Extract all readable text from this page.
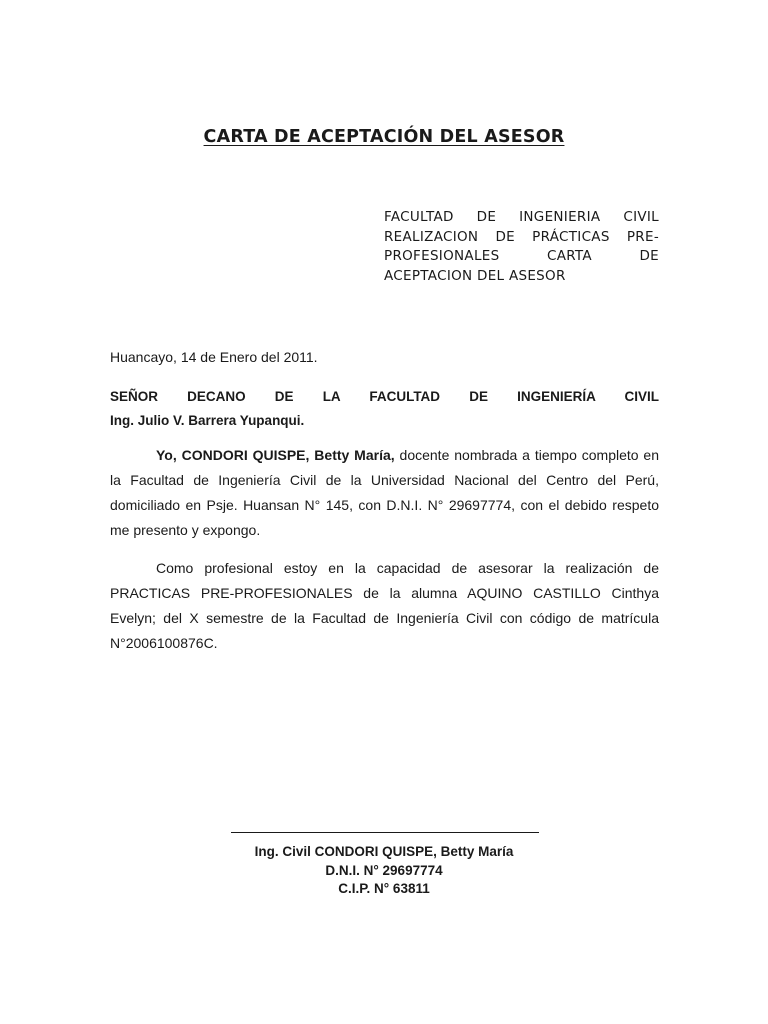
CARTA DE ACEPTACIÓN DEL ASESOR
FACULTAD DE INGENIERIA CIVIL
REALIZACION DE PRÁCTICAS PRE-
PROFESIONALES CARTA DE
ACEPTACION DEL ASESOR
Huancayo, 14 de Enero del 2011.
SEÑOR DECANO DE LA FACULTAD DE INGENIERÍA CIVIL
Ing. Julio V. Barrera Yupanqui.
Yo, CONDORI QUISPE, Betty María, docente nombrada a tiempo completo en la Facultad de Ingeniería Civil de la Universidad Nacional del Centro del Perú, domiciliado en Psje. Huansan N° 145, con D.N.I. N° 29697774, con el debido respeto me presento y expongo.
Como profesional estoy en la capacidad de asesorar la realización de PRACTICAS PRE-PROFESIONALES de la alumna AQUINO CASTILLO Cinthya Evelyn; del X semestre de la Facultad de Ingeniería Civil con código de matrícula N°2006100876C.
Ing. Civil CONDORI QUISPE, Betty María
D.N.I. N° 29697774
C.I.P. N° 63811
